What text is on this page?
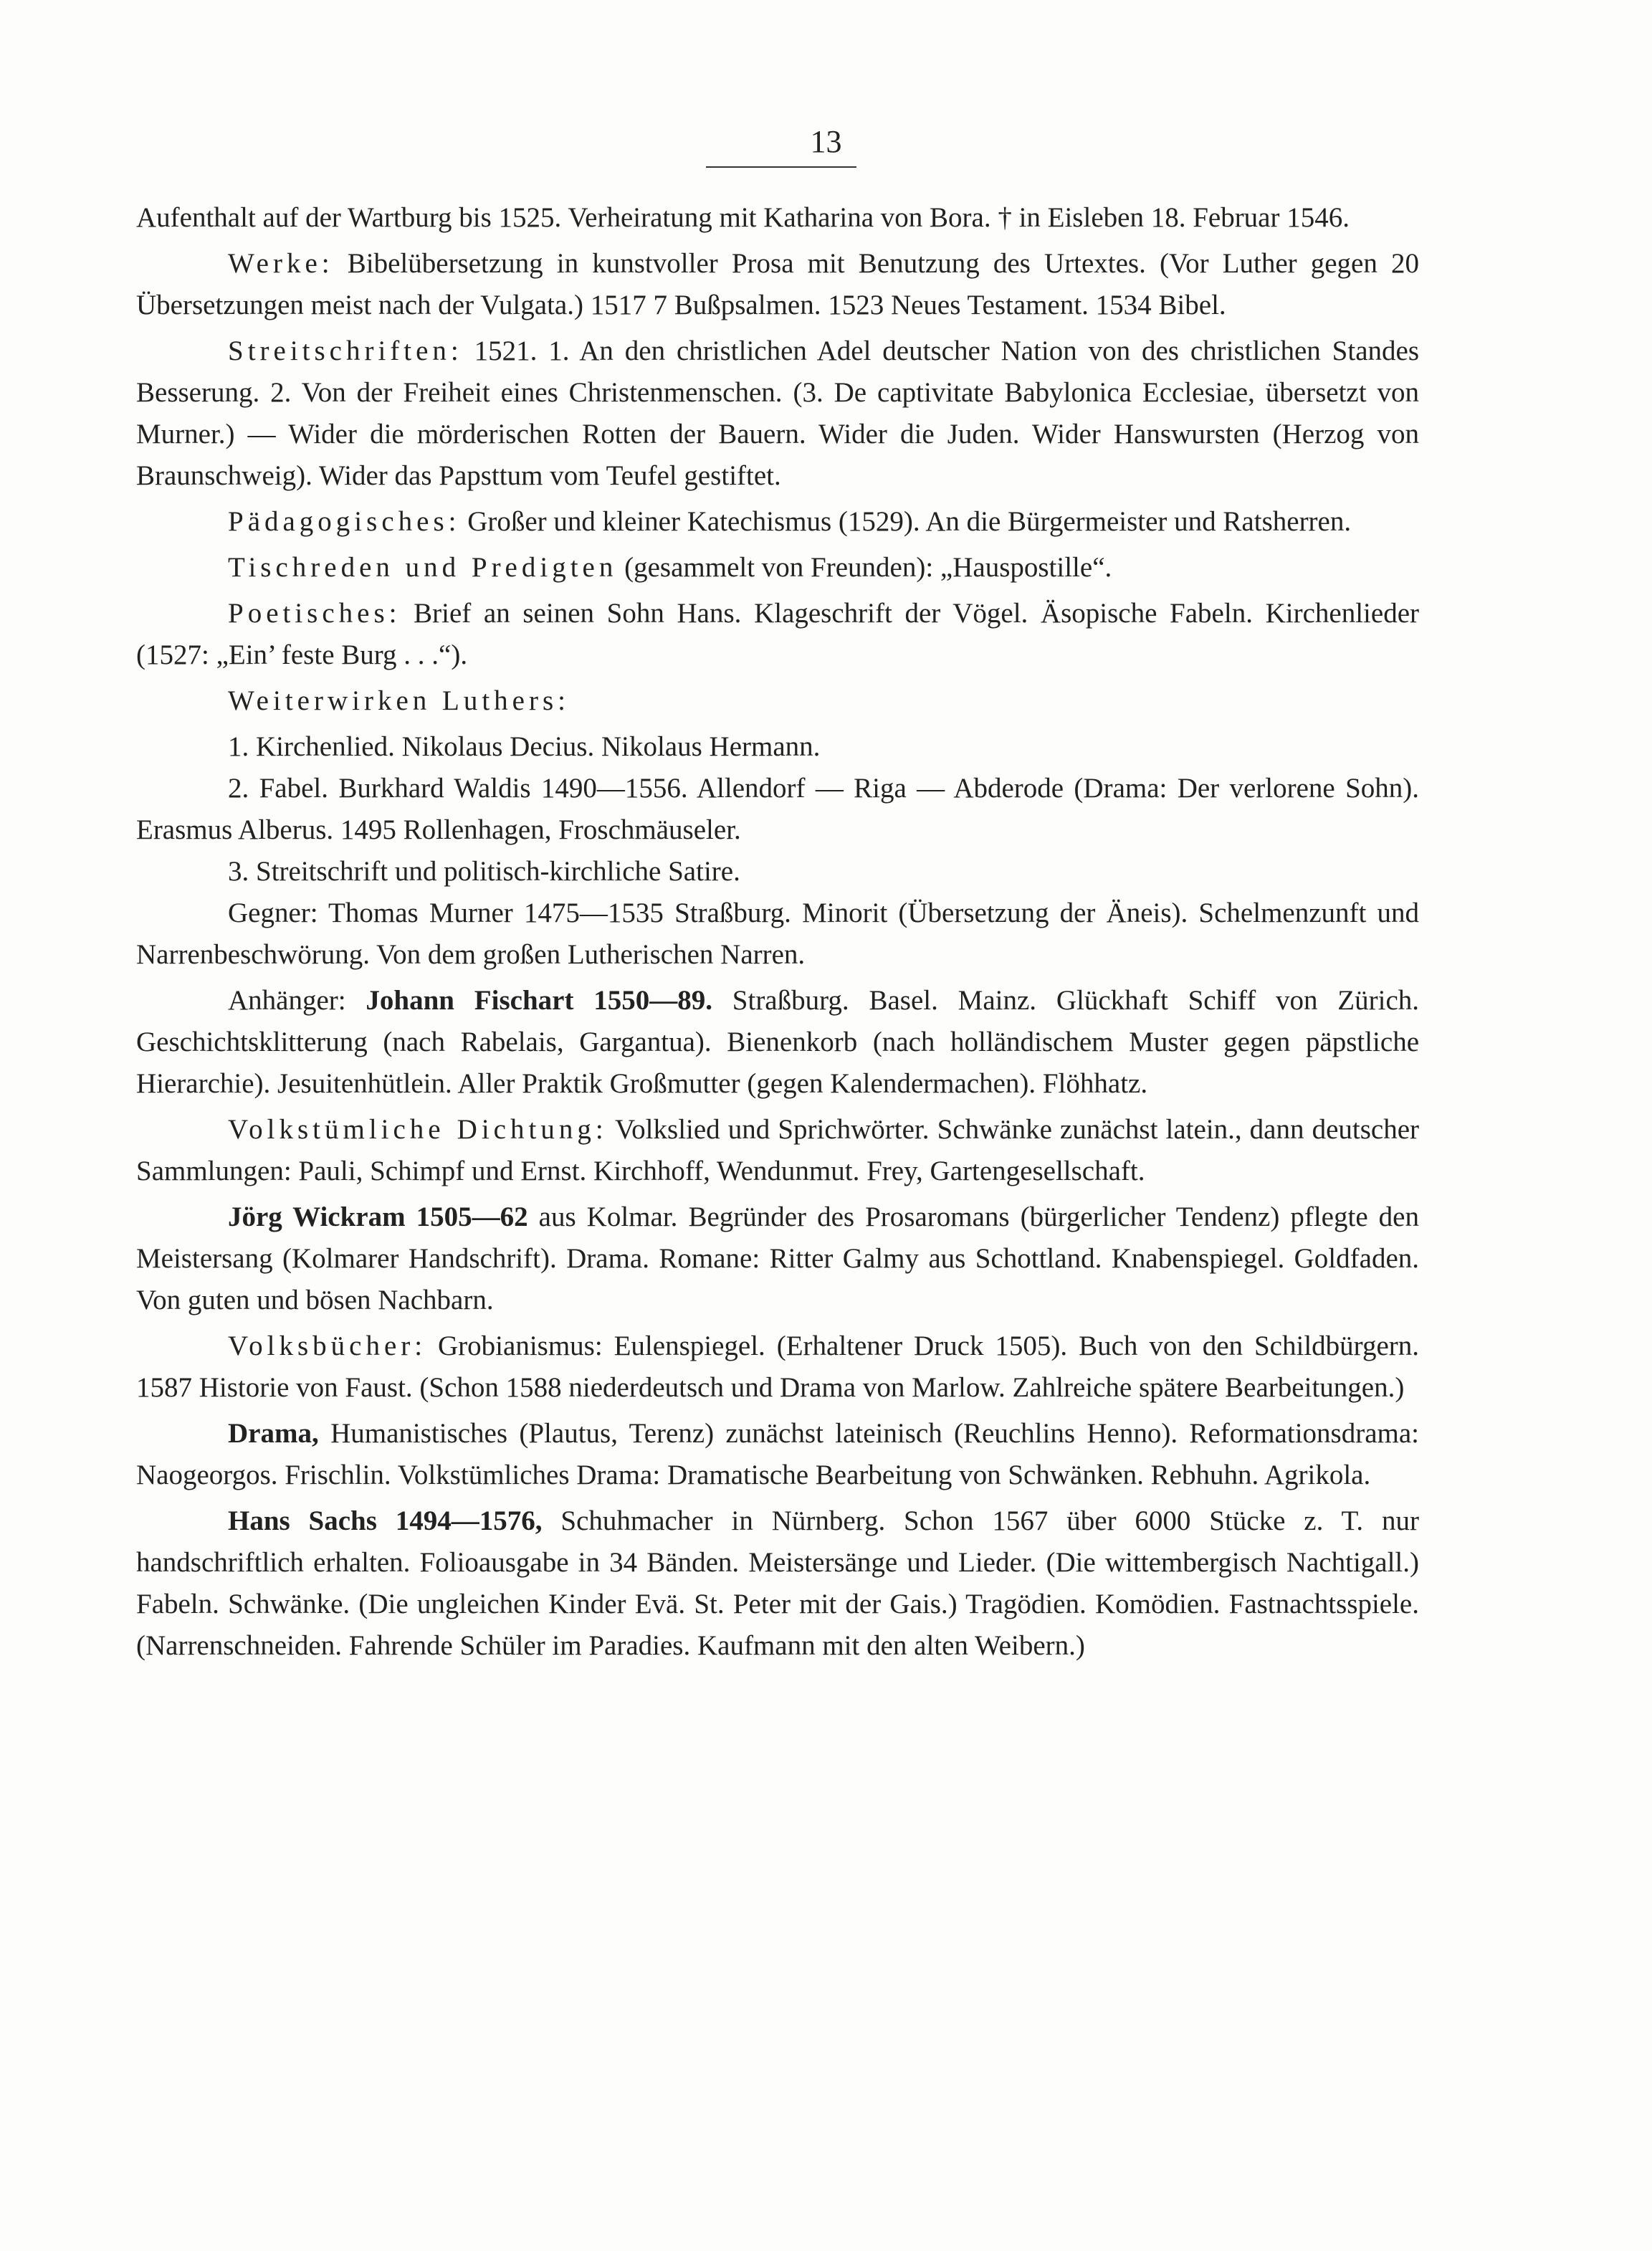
13

Aufenthalt auf der Wartburg bis 1525. Verheiratung mit Katharina von Bora. † in Eisleben 18. Februar 1546.

Werke: Bibelübersetzung in kunstvoller Prosa mit Benutzung des Urtextes. (Vor Luther gegen 20 Übersetzungen meist nach der Vulgata.) 1517 7 Bußpsalmen. 1523 Neues Testament. 1534 Bibel.

Streitschriften: 1521. 1. An den christlichen Adel deutscher Nation von des christlichen Standes Besserung. 2. Von der Freiheit eines Christenmenschen. (3. De captivitate Babylonica Ecclesiae, übersetzt von Murner.) — Wider die mörderischen Rotten der Bauern. Wider die Juden. Wider Hanswursten (Herzog von Braunschweig). Wider das Papsttum vom Teufel gestiftet.

Pädagogisches: Großer und kleiner Katechismus (1529). An die Bürgermeister und Ratsherren.

Tischreden und Predigten (gesammelt von Freunden): „Hauspostille“.

Poetisches: Brief an seinen Sohn Hans. Klageschrift der Vögel. Äsopische Fabeln. Kirchenlieder (1527: „Ein’ feste Burg . . .“).

Weiterwirken Luthers:

1. Kirchenlied. Nikolaus Decius. Nikolaus Hermann.

2. Fabel. Burkhard Waldis 1490—1556. Allendorf — Riga — Abderode (Drama: Der verlorene Sohn). Erasmus Alberus. 1495 Rollenhagen, Froschmäuseler.

3. Streitschrift und politisch-kirchliche Satire.

Gegner: Thomas Murner 1475—1535 Straßburg. Minorit (Übersetzung der Äneis). Schelmenzunft und Narrenbeschwörung. Von dem großen Lutherischen Narren.

Anhänger: Johann Fischart 1550—89. Straßburg. Basel. Mainz. Glückhaft Schiff von Zürich. Geschichtsklitterung (nach Rabelais, Gargantua). Bienenkorb (nach holländischem Muster gegen päpstliche Hierarchie). Jesuitenhütlein. Aller Praktik Großmutter (gegen Kalendermachen). Flöhhatz.

Volkstümliche Dichtung: Volkslied und Sprichwörter. Schwänke zunächst latein., dann deutscher Sammlungen: Pauli, Schimpf und Ernst. Kirchhoff, Wendunmut. Frey, Gartengesellschaft.

Jörg Wickram 1505—62 aus Kolmar. Begründer des Prosaromans (bürgerlicher Tendenz) pflegte den Meistersang (Kolmarer Handschrift). Drama. Romane: Ritter Galmy aus Schottland. Knabenspiegel. Goldfaden. Von guten und bösen Nachbarn.

Volksbücher: Grobianismus: Eulenspiegel. (Erhaltener Druck 1505). Buch von den Schildbürgern. 1587 Historie von Faust. (Schon 1588 niederdeutsch und Drama von Marlow. Zahlreiche spätere Bearbeitungen.)

Drama, Humanistisches (Plautus, Terenz) zunächst lateinisch (Reuchlins Henno). Reformationsdrama: Naogeorgos. Frischlin. Volkstümliches Drama: Dramatische Bearbeitung von Schwänken. Rebhuhn. Agrikola.

Hans Sachs 1494—1576, Schuhmacher in Nürnberg. Schon 1567 über 6000 Stücke z. T. nur handschriftlich erhalten. Folioausgabe in 34 Bänden. Meistersänge und Lieder. (Die wittembergisch Nachtigall.) Fabeln. Schwänke. (Die ungleichen Kinder Evä. St. Peter mit der Gais.) Tragödien. Komödien. Fastnachtsspiele. (Narrenschneiden. Fahrende Schüler im Paradies. Kaufmann mit den alten Weibern.)
